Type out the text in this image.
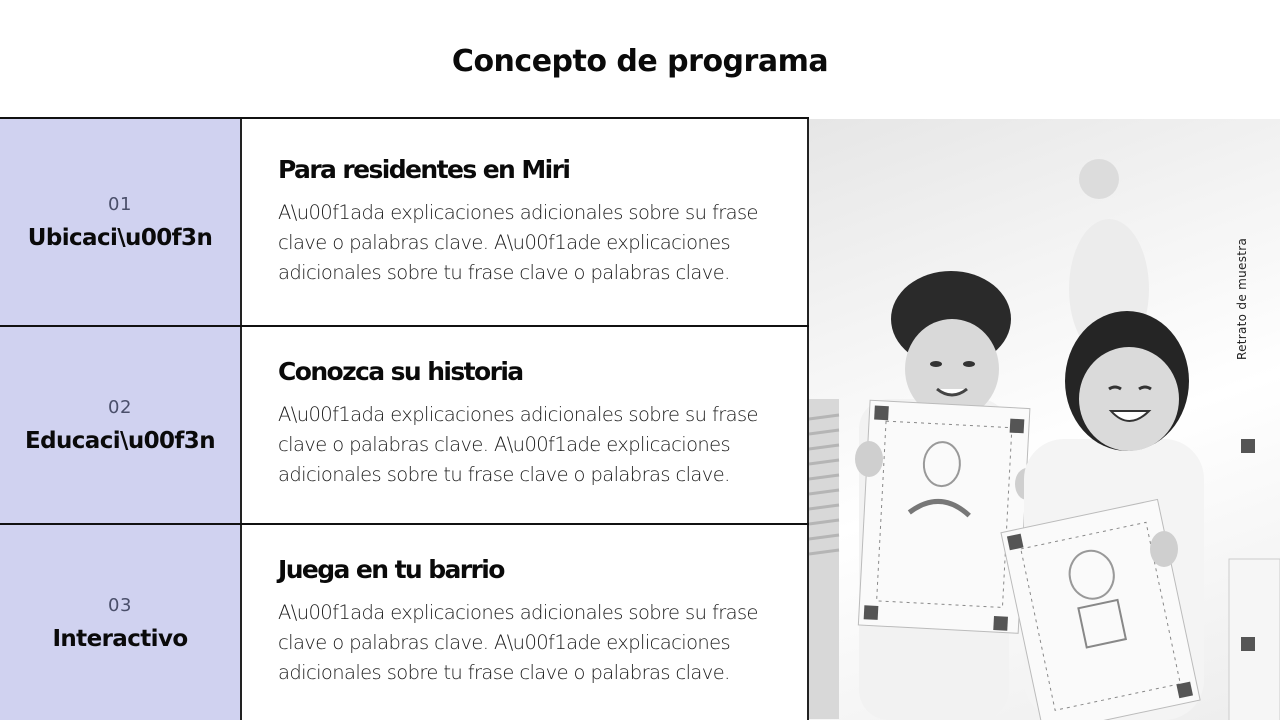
Concepto de programa
01
Ubicaci\u00f3n
Para residentes en Miri
A\u00f1ada explicaciones adicionales sobre su frase clave o palabras clave. A\u00f1ade explicaciones adicionales sobre tu frase clave o palabras clave.
02
Educaci\u00f3n
Conozca su historia
A\u00f1ada explicaciones adicionales sobre su frase clave o palabras clave. A\u00f1ade explicaciones adicionales sobre tu frase clave o palabras clave.
03
Interactivo
Juega en tu barrio
A\u00f1ada explicaciones adicionales sobre su frase clave o palabras clave. A\u00f1ade explicaciones adicionales sobre tu frase clave o palabras clave.
Retrato de muestra
